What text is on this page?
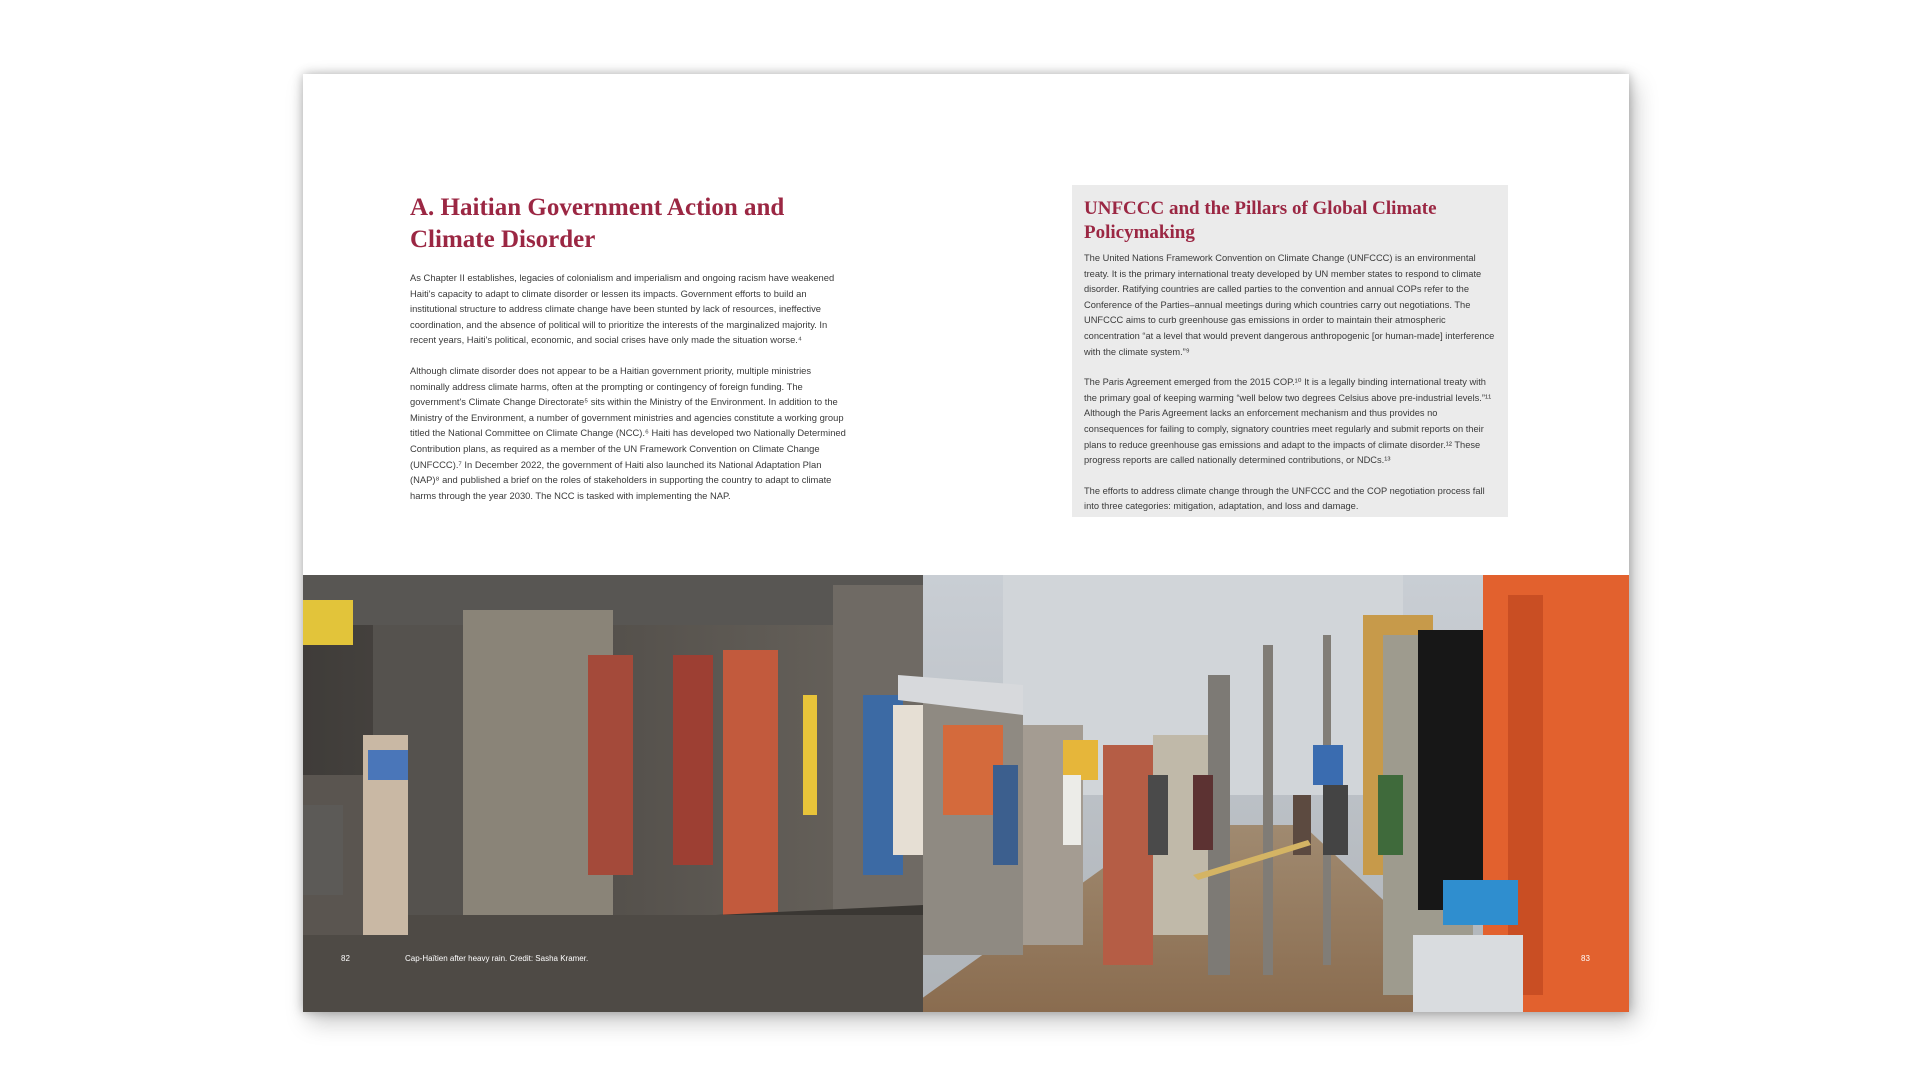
A. Haitian Government Action and Climate Disorder

As Chapter II establishes, legacies of colonialism and imperialism and ongoing racism have weakened Haiti's capacity to adapt to climate disorder or lessen its impacts. Government efforts to build an institutional structure to address climate change have been stunted by lack of resources, ineffective coordination, and the absence of political will to prioritize the interests of the marginalized majority. In recent years, Haiti's political, economic, and social crises have only made the situation worse.⁴

Although climate disorder does not appear to be a Haitian government priority, multiple ministries nominally address climate harms, often at the prompting or contingency of foreign funding. The government's Climate Change Directorate⁵ sits within the Ministry of the Environment. In addition to the Ministry of the Environment, a number of government ministries and agencies constitute a working group titled the National Committee on Climate Change (NCC).⁶ Haiti has developed two Nationally Determined Contribution plans, as required as a member of the UN Framework Convention on Climate Change (UNFCCC).⁷ In December 2022, the government of Haiti also launched its National Adaptation Plan (NAP)⁸ and published a brief on the roles of stakeholders in supporting the country to adapt to climate harms through the year 2030. The NCC is tasked with implementing the NAP.

UNFCCC and the Pillars of Global Climate Policymaking

The United Nations Framework Convention on Climate Change (UNFCCC) is an environmental treaty. It is the primary international treaty developed by UN member states to respond to climate disorder. Ratifying countries are called parties to the convention and annual COPs refer to the Conference of the Parties–annual meetings during which countries carry out negotiations. The UNFCCC aims to curb greenhouse gas emissions in order to maintain their atmospheric concentration “at a level that would prevent dangerous anthropogenic [or human-made] interference with the climate system.”⁹

The Paris Agreement emerged from the 2015 COP.¹⁰ It is a legally binding international treaty with the primary goal of keeping warming “well below two degrees Celsius above pre-industrial levels.”¹¹ Although the Paris Agreement lacks an enforcement mechanism and thus provides no consequences for failing to comply, signatory countries meet regularly and submit reports on their plans to reduce greenhouse gas emissions and adapt to the impacts of climate disorder.¹² These progress reports are called nationally determined contributions, or NDCs.¹³

The efforts to address climate change through the UNFCCC and the COP negotiation process fall into three categories: mitigation, adaptation, and loss and damage.

82	Cap-Haïtien after heavy rain. Credit: Sasha Kramer.	83
